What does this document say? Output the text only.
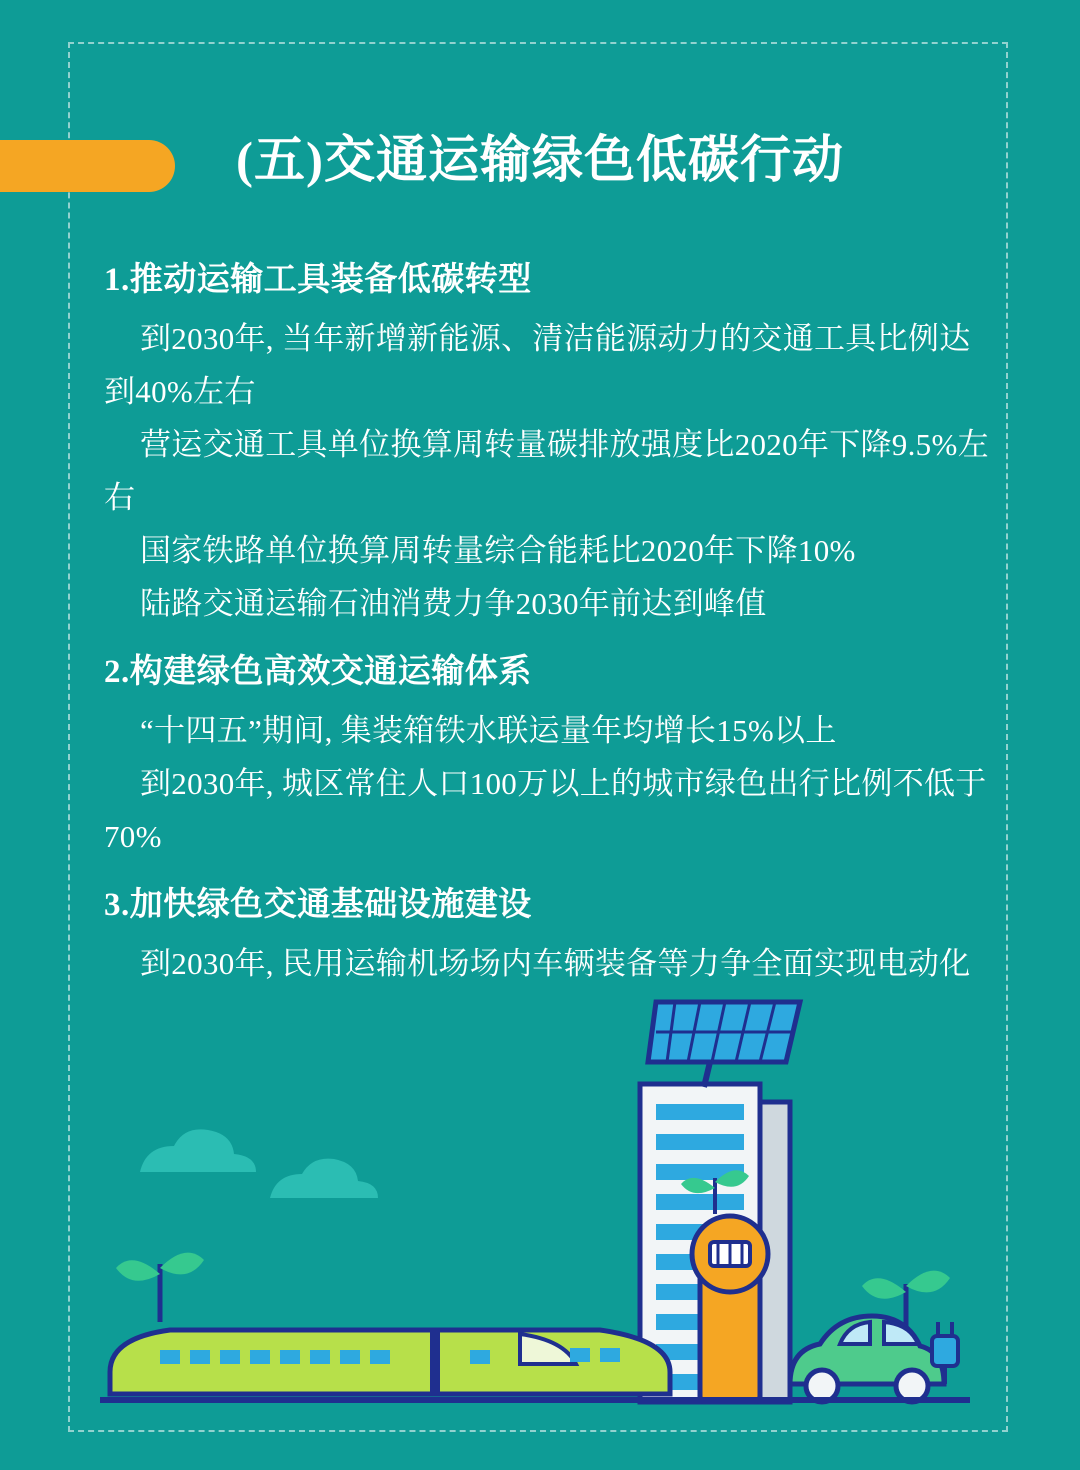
(五)交通运输绿色低碳行动
1.推动运输工具装备低碳转型
到2030年, 当年新增新能源、清洁能源动力的交通工具比例达到40%左右
营运交通工具单位换算周转量碳排放强度比2020年下降9.5%左右
国家铁路单位换算周转量综合能耗比2020年下降10%
陆路交通运输石油消费力争2030年前达到峰值
2.构建绿色高效交通运输体系
“十四五”期间, 集装箱铁水联运量年均增长15%以上
到2030年, 城区常住人口100万以上的城市绿色出行比例不低于70%
3.加快绿色交通基础设施建设
到2030年, 民用运输机场场内车辆装备等力争全面实现电动化
